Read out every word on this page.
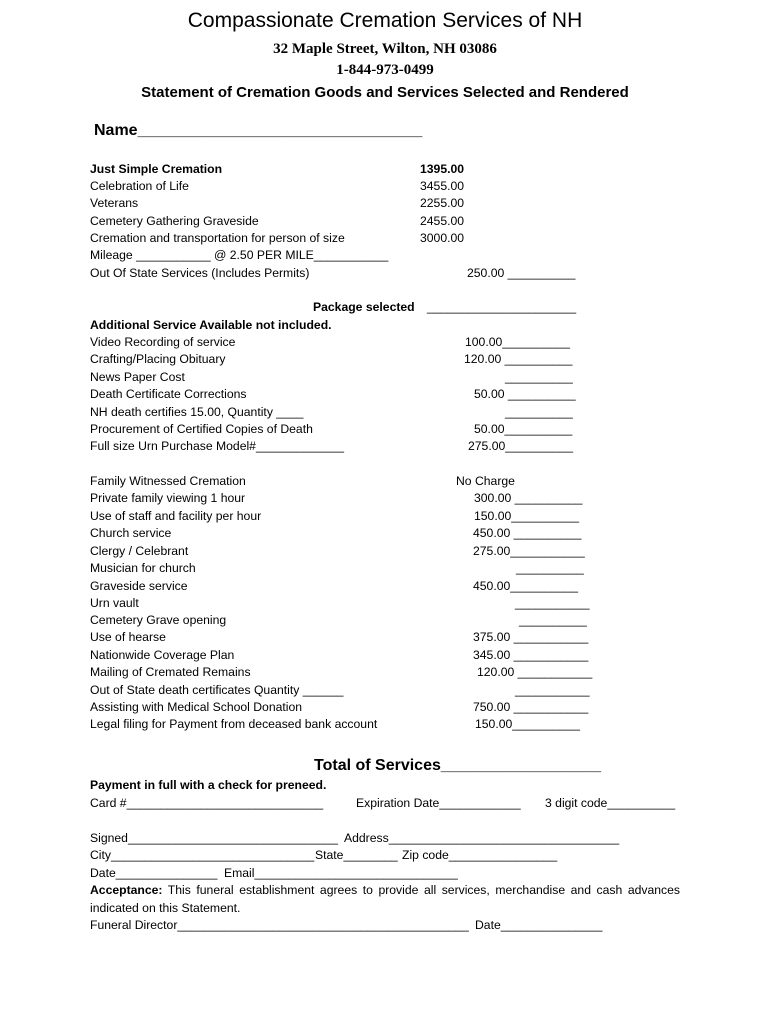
Compassionate Cremation Services of NH
32 Maple Street, Wilton, NH 03086
1-844-973-0499
Statement of Cremation Goods and Services Selected and Rendered
Name________________________________
Just Simple Cremation	1395.00
Celebration of Life	3455.00
Veterans	2255.00
Cemetery Gathering Graveside	2455.00
Cremation and transportation for person of size	3000.00
Mileage ___________ @ 2.50 PER MILE___________
Out Of State Services (Includes Permits)	250.00 __________
Package selected ______________________
Additional Service Available not included.
Video Recording of service	100.00__________
Crafting/Placing Obituary	120.00 __________
News Paper Cost	__________
Death Certificate Corrections	50.00 __________
NH death certifies 15.00, Quantity ____	__________
Procurement of Certified Copies of Death	50.00__________
Full size Urn Purchase Model#_____________	275.00__________
Family Witnessed Cremation	No Charge
Private family viewing 1 hour	300.00 __________
Use of staff and facility per hour	150.00__________
Church service	450.00 __________
Clergy / Celebrant	275.00___________
Musician for church	__________
Graveside service	450.00__________
Urn vault	___________
Cemetery Grave opening	__________
Use of hearse	375.00 ___________
Nationwide Coverage Plan	345.00 ___________
Mailing of Cremated Remains	120.00 ___________
Out of State death certificates Quantity ______	___________
Assisting with Medical School Donation	750.00 ___________
Legal filing for Payment from deceased bank account	150.00__________
Total of Services__________________
Payment in full with a check for preneed.
Card #_____________________________	Expiration Date____________ 3 digit code__________
Signed_______________________________ Address__________________________________
City______________________________ State________ Zip code________________
Date_______________ Email______________________________
Acceptance: This funeral establishment agrees to provide all services, merchandise and cash advances indicated on this Statement.
Funeral Director___________________________________________ Date_______________
